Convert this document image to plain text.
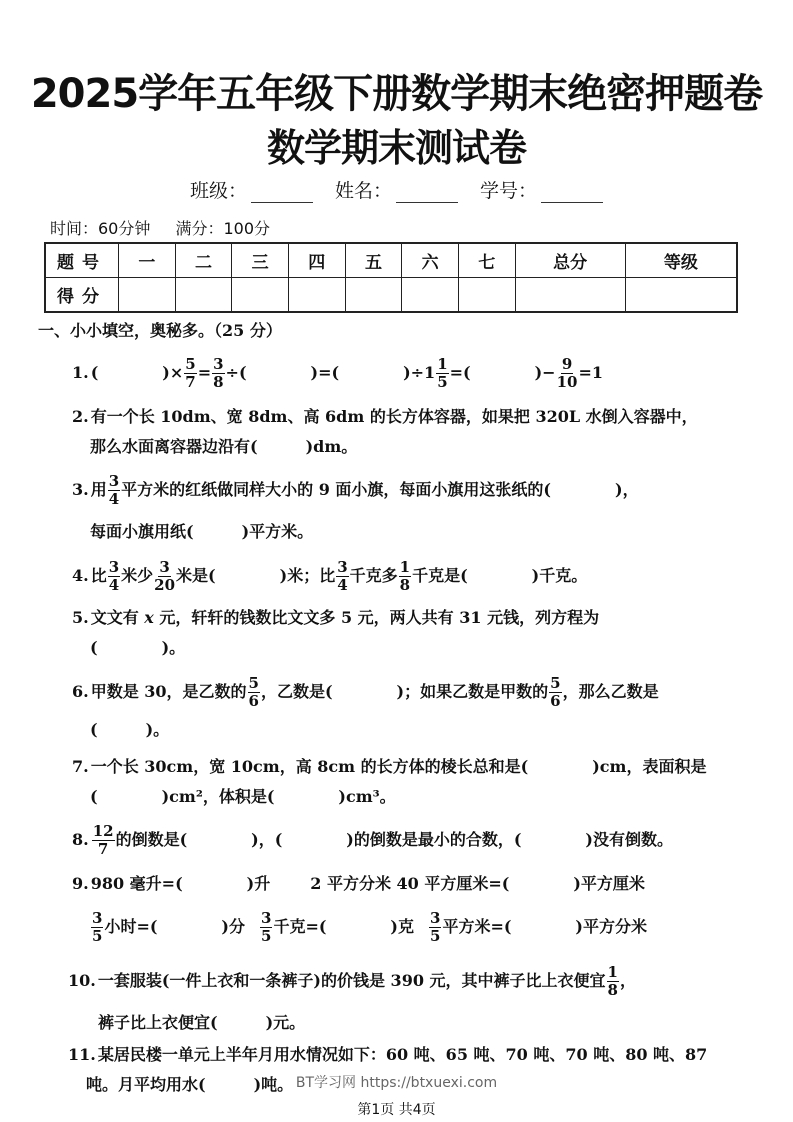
2025学年五年级下册数学期末绝密押题卷
数学期末测试卷
班级：	姓名：	学号：
时间：60分钟 满分：100分
题号	一	二	三	四	五	六	七	总分	等级
得分									
一、小小填空，奥秘多。（25 分）
1. (　　　　)× $\frac{5}{7} = \frac{3}{8}$ ÷(　　　　)=(　　　　)$\div 1 \frac{1}{5}$ =(　　　　)− $\frac{9}{10} =1$
2. 有一个长 10dm、宽 8dm、高 6dm 的长方体容器，如果把 320L 水倒入容器中，
那么水面离容器边沿有(　　　)dm。
3. 用 $\frac{3}{4}$ 平方米的红纸做同样大小的 9 面小旗，每面小旗用这张纸的(　　　　)，
每面小旗用纸(　　　)平方米。
4. 比 $\frac{3}{4}$ 米少 $\frac{3}{20}$ 米是(　　　　)米；比 $\frac{3}{4}$ 千克多 $\frac{1}{8}$ 千克是(　　　　)千克。
5. 文文有 x 元，轩轩的钱数比文文多 5 元，两人共有 31 元钱，列方程为
(　　　　)。
6. 甲数是 30，是乙数的 $\frac{5}{6}$ ，乙数是(　　　　)；如果乙数是甲数的 $\frac{5}{6}$ ，那么乙数是
(　　　)。
7. 一个长 30cm，宽 10cm，高 8cm 的长方体的棱长总和是(　　　　)cm，表面积是
(　　　　)cm²，体积是(　　　　)cm³。
8. $\frac{12}{7}$ 的倒数是(　　　　)，(　　　　)的倒数是最小的合数，(　　　　)没有倒数。
9. 980 毫升=(　　　　)升	2 平方分米 40 平方厘米=(　　　　)平方厘米
$\frac{3}{5}$ 小时=(　　　　)分 $\frac{3}{5}$ 千克=(　　　　)克 $\frac{3}{5}$ 平方米=(　　　　)平方分米
10. 一套服装(一件上衣和一条裤子)的价钱是 390 元，其中裤子比上衣便宜 $\frac{1}{8}$ ，
裤子比上衣便宜(　　　)元。
11. 某居民楼一单元上半年月用水情况如下：60 吨、65 吨、70 吨、70 吨、80 吨、87
吨。月平均用水(　　　)吨。 BT学习网 https://btxuexi.com
第1页 共4页
